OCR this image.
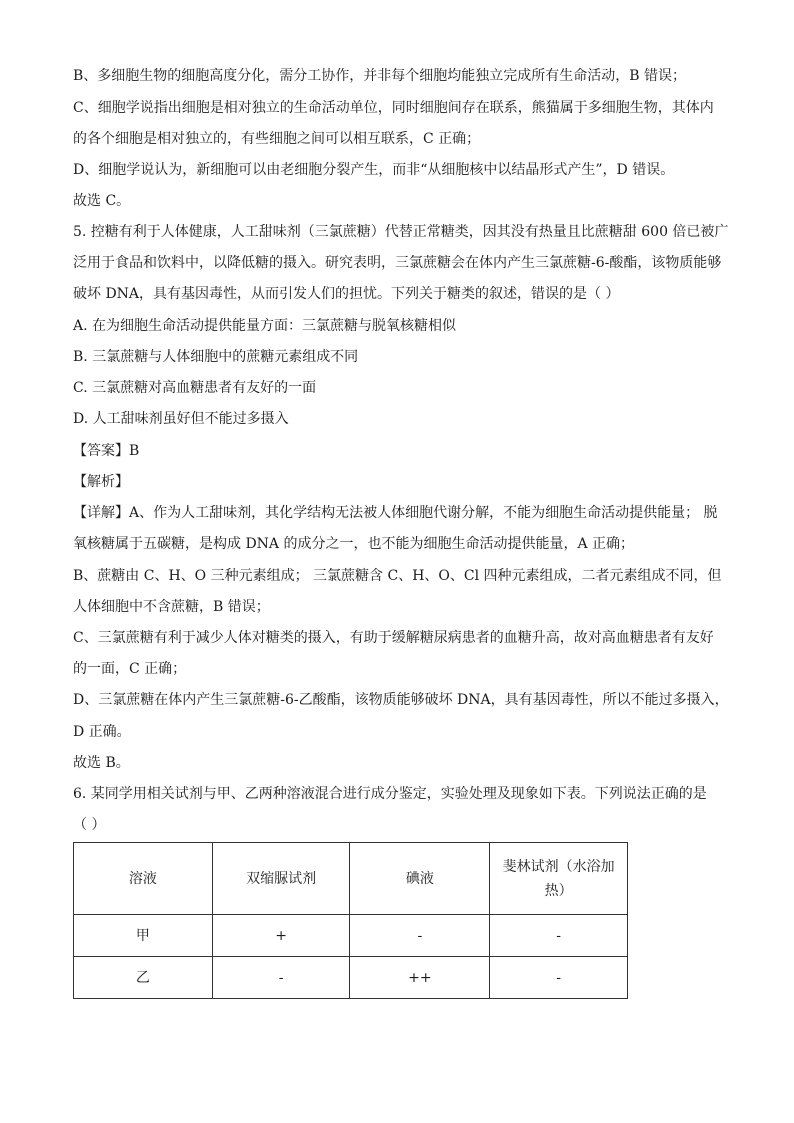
B、多细胞生物的细胞高度分化，需分工协作，并非每个细胞均能独立完成所有生命活动，B 错误；
C、细胞学说指出细胞是相对独立的生命活动单位，同时细胞间存在联系，熊猫属于多细胞生物，其体内
的各个细胞是相对独立的，有些细胞之间可以相互联系，C 正确；
D、细胞学说认为，新细胞可以由老细胞分裂产生，而非“从细胞核中以结晶形式产生”，D 错误。
故选 C。
5. 控糖有利于人体健康，人工甜味剂（三氯蔗糖）代替正常糖类，因其没有热量且比蔗糖甜 600 倍已被广
泛用于食品和饮料中，以降低糖的摄入。研究表明，三氯蔗糖会在体内产生三氯蔗糖-6-酸酯，该物质能够
破坏 DNA，具有基因毒性，从而引发人们的担忧。下列关于糖类的叙述，错误的是（ ）
A. 在为细胞生命活动提供能量方面：三氯蔗糖与脱氧核糖相似
B. 三氯蔗糖与人体细胞中的蔗糖元素组成不同
C. 三氯蔗糖对高血糖患者有友好的一面
D. 人工甜味剂虽好但不能过多摄入
【答案】B
【解析】
【详解】A、作为人工甜味剂，其化学结构无法被人体细胞代谢分解，不能为细胞生命活动提供能量； 脱
氧核糖属于五碳糖，是构成 DNA 的成分之一，也不能为细胞生命活动提供能量，A 正确；
B、蔗糖由 C、H、O 三种元素组成； 三氯蔗糖含 C、H、O、Cl 四种元素组成，二者元素组成不同，但
人体细胞中不含蔗糖，B 错误；
C、三氯蔗糖有利于减少人体对糖类的摄入，有助于缓解糖尿病患者的血糖升高，故对高血糖患者有友好
的一面，C 正确；
D、三氯蔗糖在体内产生三氯蔗糖-6-乙酸酯，该物质能够破坏 DNA，具有基因毒性，所以不能过多摄入，
D 正确。
故选 B。
6. 某同学用相关试剂与甲、乙两种溶液混合进行成分鉴定，实验处理及现象如下表。下列说法正确的是
（ ）
溶液	双缩脲试剂	碘液	斐林试剂（水浴加热）
甲	+	-	-
乙	-	++	-
